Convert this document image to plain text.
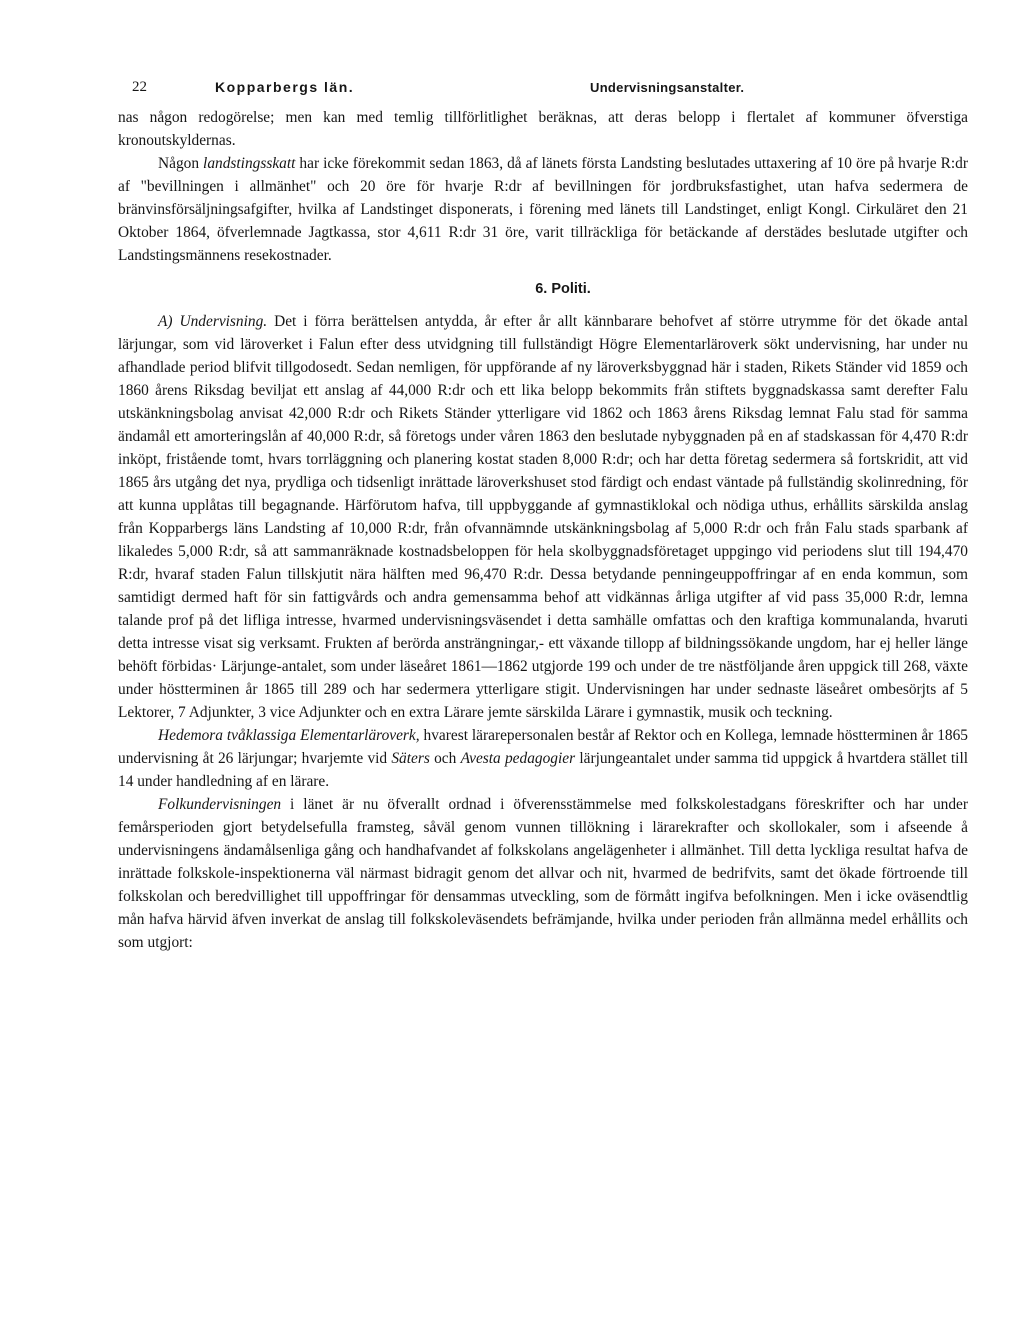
22	Kopparbergs län.	Undervisningsanstalter.

nas någon redogörelse; men kan med temlig tillförlitlighet beräknas, att deras belopp i flertalet af kommuner öfverstiga kronoutskyldernas.

Någon landstingsskatt har icke förekommit sedan 1863, då af länets första Landsting beslutades uttaxering af 10 öre på hvarje R:dr af "bevillningen i allmänhet" och 20 öre för hvarje R:dr af bevillningen för jordbruksfastighet, utan hafva sedermera de bränvinsförsäljningsafgifter, hvilka af Landstinget disponerats, i förening med länets till Landstinget, enligt Kongl. Cirkuläret den 21 Oktober 1864, öfverlemnade Jagtkassa, stor 4,611 R:dr 31 öre, varit tillräckliga för betäckande af derstädes beslutade utgifter och Landstingsmännens resekostnader.

6. Politi.

A) Undervisning. Det i förra berättelsen antydda, år efter år allt kännbarare behofvet af större utrymme för det ökade antal lärjungar, som vid läroverket i Falun efter dess utvidgning till fullständigt Högre Elementarläroverk sökt undervisning, har under nu afhandlade period blifvit tillgodosedt. Sedan nemligen, för uppförande af ny läroverksbyggnad här i staden, Rikets Ständer vid 1859 och 1860 årens Riksdag beviljat ett anslag af 44,000 R:dr och ett lika belopp bekommits från stiftets byggnadskassa samt derefter Falu utskänkningsbolag anvisat 42,000 R:dr och Rikets Ständer ytterligare vid 1862 och 1863 årens Riksdag lemnat Falu stad för samma ändamål ett amorteringslån af 40,000 R:dr, så företogs under våren 1863 den beslutade nybyggnaden på en af stadskassan för 4,470 R:dr inköpt, fristående tomt, hvars torrläggning och planering kostat staden 8,000 R:dr; och har detta företag sedermera så fortskridit, att vid 1865 års utgång det nya, prydliga och tidsenligt inrättade läroverkshuset stod färdigt och endast väntade på fullständig skolinredning, för att kunna upplåtas till begagnande. Härförutom hafva, till uppbyggande af gymnastiklokal och nödiga uthus, erhållits särskilda anslag från Kopparbergs läns Landsting af 10,000 R:dr, från ofvannämnde utskänkningsbolag af 5,000 R:dr och från Falu stads sparbank af likaledes 5,000 R:dr, så att sammanräknade kostnadsbeloppen för hela skolbyggnadsföretaget uppgingo vid periodens slut till 194,470 R:dr, hvaraf staden Falun tillskjutit nära hälften med 96,470 R:dr. Dessa betydande penningeuppoffringar af en enda kommun, som samtidigt dermed haft för sin fattigvårds och andra gemensamma behof att vidkännas årliga utgifter af vid pass 35,000 R:dr, lemna talande prof på det lifliga intresse, hvarmed undervisningsväsendet i detta samhälle omfattas och den kraftiga kommunalanda, hvaruti detta intresse visat sig verksamt. Frukten af berörda ansträngningar,- ett växande tillopp af bildningssökande ungdom, har ej heller länge behöft förbidas· Lärjunge-antalet, som under läseåret 1861—1862 utgjorde 199 och under de tre nästföljande åren uppgick till 268, växte under höstterminen år 1865 till 289 och har sedermera ytterligare stigit. Undervisningen har under sednaste läseåret ombesörjts af 5 Lektorer, 7 Adjunkter, 3 vice Adjunkter och en extra Lärare jemte särskilda Lärare i gymnastik, musik och teckning.

Hedemora tvåklassiga Elementarläroverk, hvarest lärarepersonalen består af Rektor och en Kollega, lemnade höstterminen år 1865 undervisning åt 26 lärjungar; hvarjemte vid Säters och Avesta pedagogier lärjungeantalet under samma tid uppgick å hvartdera stället till 14 under handledning af en lärare.

Folkundervisningen i länet är nu öfverallt ordnad i öfverensstämmelse med folkskolestadgans föreskrifter och har under femårsperioden gjort betydelsefulla framsteg, såväl genom vunnen tillökning i lärarekrafter och skollokaler, som i afseende å undervisningens ändamålsenliga gång och handhafvandet af folkskolans angelägenheter i allmänhet. Till detta lyckliga resultat hafva de inrättade folkskole-inspektionerna väl närmast bidragit genom det allvar och nit, hvarmed de bedrifvits, samt det ökade förtroende till folkskolan och beredvillighet till uppoffringar för densammas utveckling, som de förmått ingifva befolkningen. Men i icke oväsendtlig mån hafva härvid äfven inverkat de anslag till folkskoleväsendets befrämjande, hvilka under perioden från allmänna medel erhållits och som utgjort:
